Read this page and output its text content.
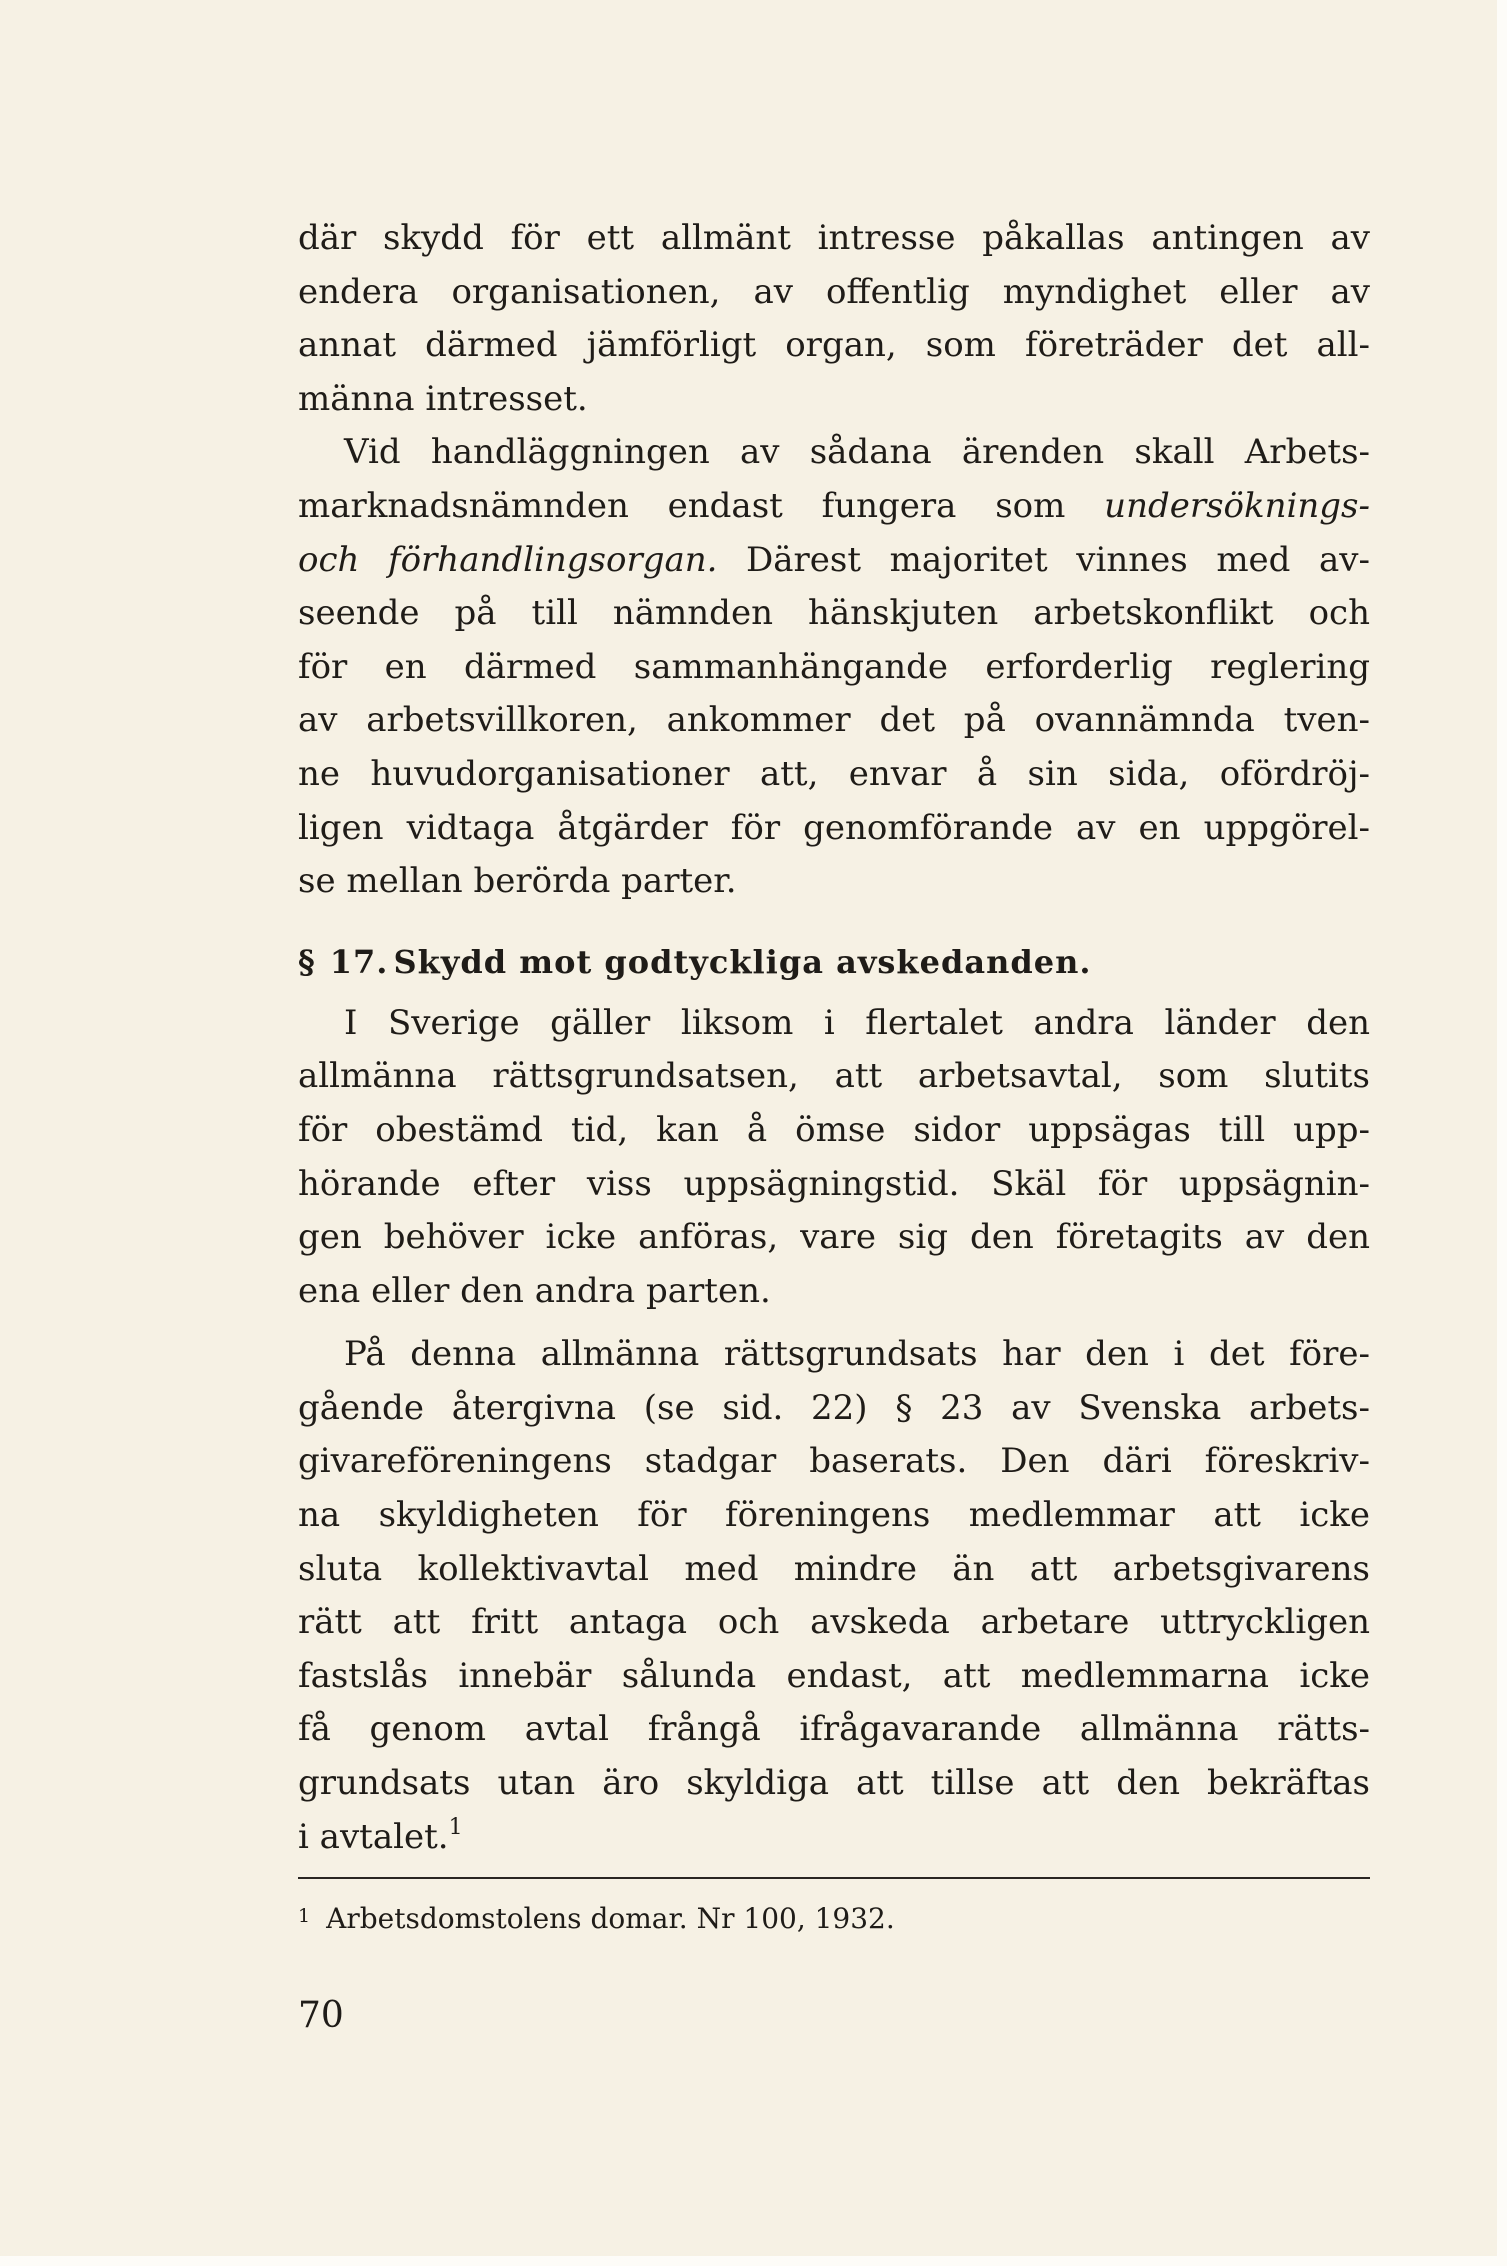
där skydd för ett allmänt intresse påkallas antingen av
endera organisationen, av offentlig myndighet eller av
annat därmed jämförligt organ, som företräder det all-
männa intresset.
Vid handläggningen av sådana ärenden skall Arbets-
marknadsnämnden endast fungera som undersöknings-
och förhandlingsorgan. Därest majoritet vinnes med av-
seende på till nämnden hänskjuten arbetskonflikt och
för en därmed sammanhängande erforderlig reglering
av arbetsvillkoren, ankommer det på ovannämnda tven-
ne huvudorganisationer att, envar å sin sida, ofördröj-
ligen vidtaga åtgärder för genomförande av en uppgörel-
se mellan berörda parter.
§ 17. Skydd mot godtyckliga avskedanden.
I Sverige gäller liksom i flertalet andra länder den
allmänna rättsgrundsatsen, att arbetsavtal, som slutits
för obestämd tid, kan å ömse sidor uppsägas till upp-
hörande efter viss uppsägningstid. Skäl för uppsägnin-
gen behöver icke anföras, vare sig den företagits av den
ena eller den andra parten.
På denna allmänna rättsgrundsats har den i det före-
gående återgivna (se sid. 22) § 23 av Svenska arbets-
givareföreningens stadgar baserats. Den däri föreskriv-
na skyldigheten för föreningens medlemmar att icke
sluta kollektivavtal med mindre än att arbetsgivarens
rätt att fritt antaga och avskeda arbetare uttryckligen
fastslås innebär sålunda endast, att medlemmarna icke
få genom avtal frångå ifrågavarande allmänna rätts-
grundsats utan äro skyldiga att tillse att den bekräftas
i avtalet.$^1$
$^1$ Arbetsdomstolens domar. Nr 100, 1932.
70
